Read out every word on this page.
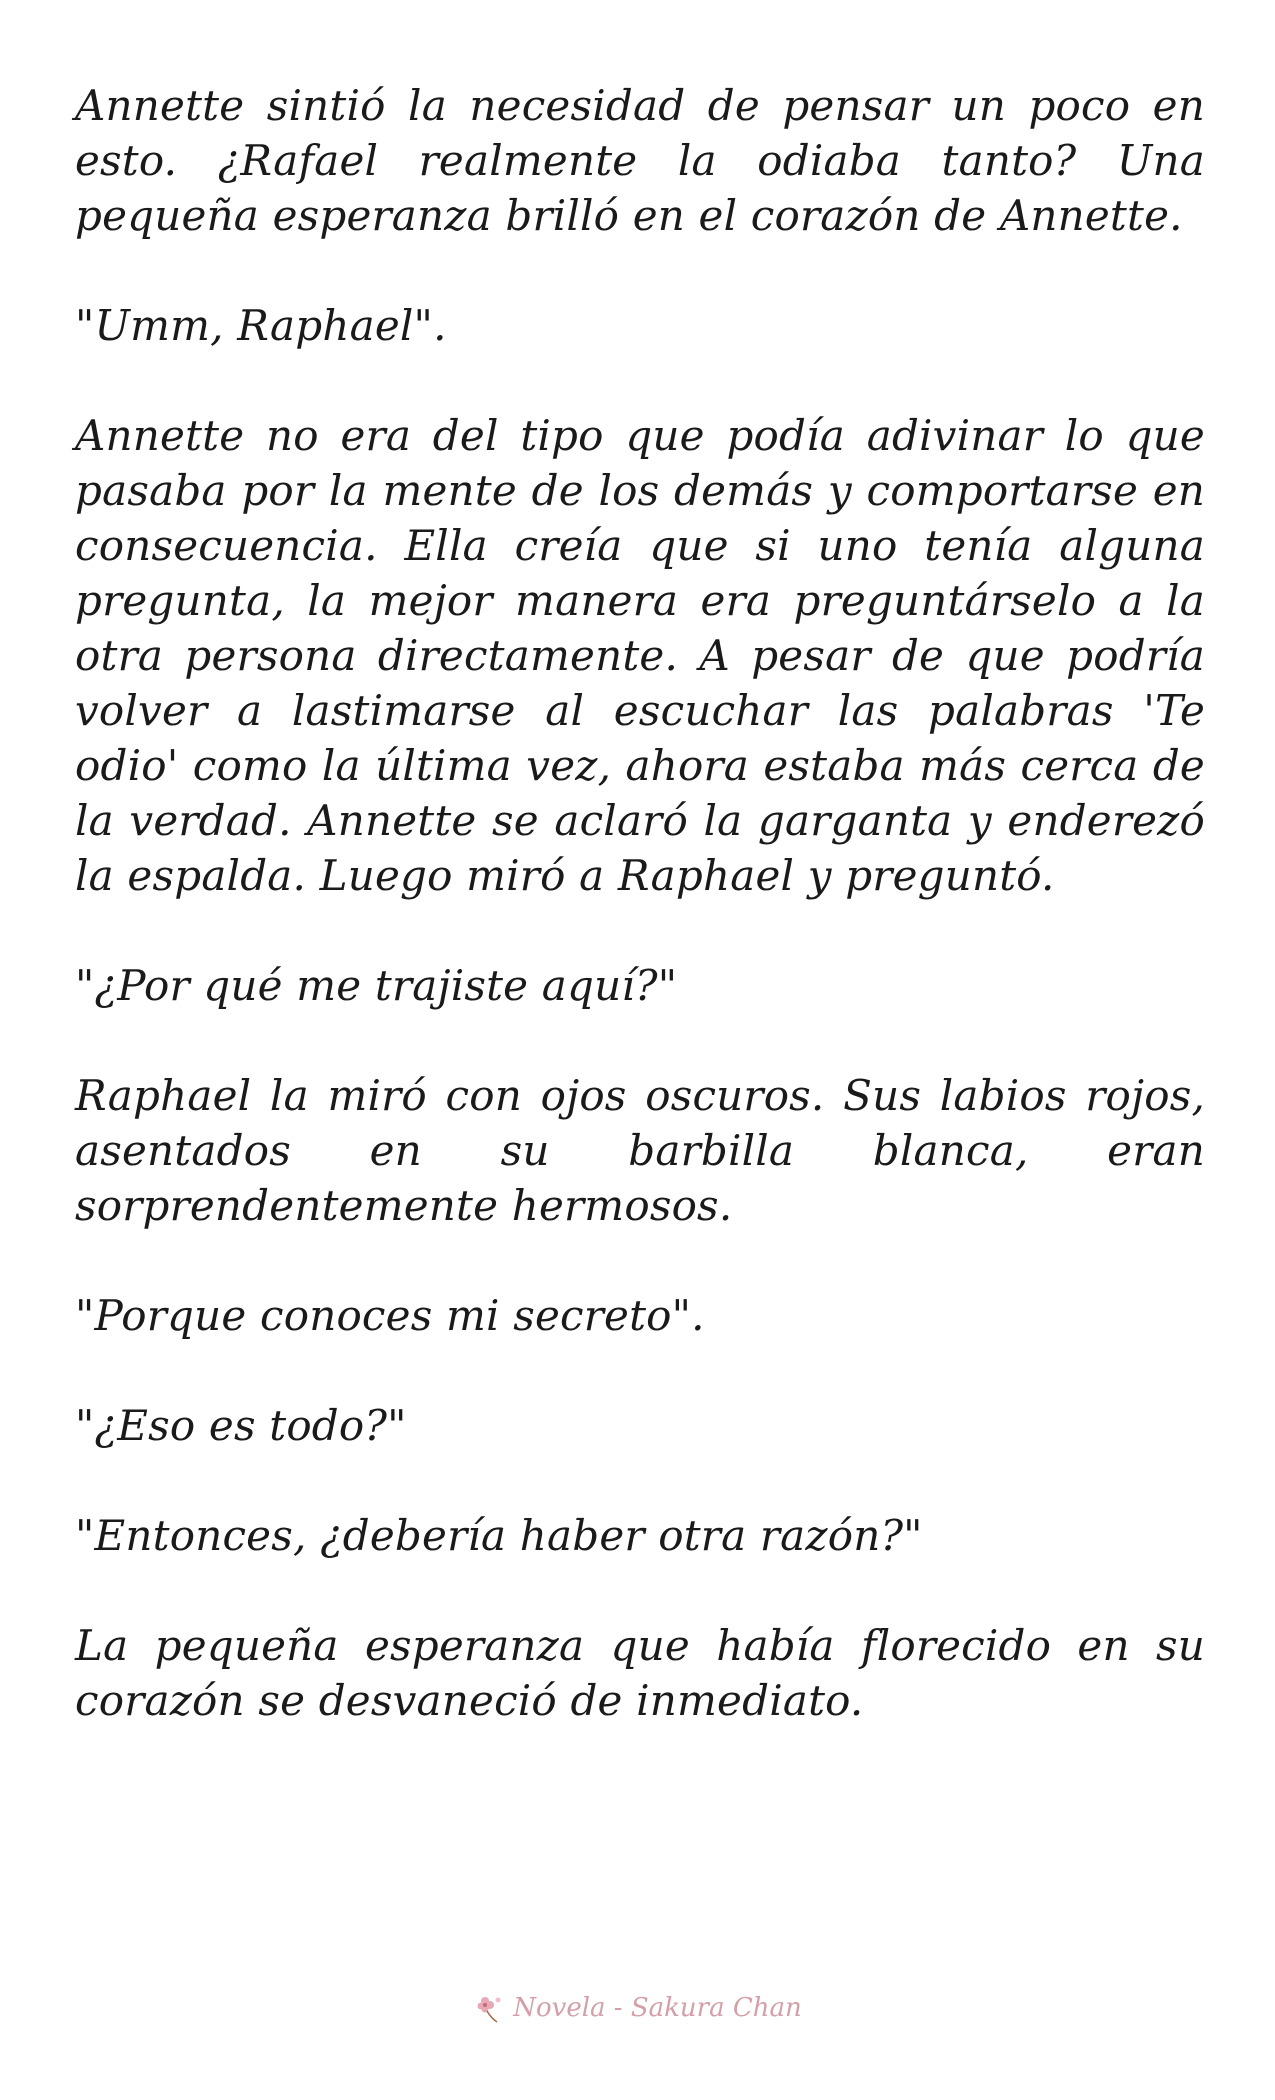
Annette sintió la necesidad de pensar un poco en esto. ¿Rafael realmente la odiaba tanto? Una pequeña esperanza brilló en el corazón de Annette.

"Umm, Raphael".

Annette no era del tipo que podía adivinar lo que pasaba por la mente de los demás y comportarse en consecuencia. Ella creía que si uno tenía alguna pregunta, la mejor manera era preguntárselo a la otra persona directamente. A pesar de que podría volver a lastimarse al escuchar las palabras 'Te odio' como la última vez, ahora estaba más cerca de la verdad. Annette se aclaró la garganta y enderezó la espalda. Luego miró a Raphael y preguntó.

"¿Por qué me trajiste aquí?"

Raphael la miró con ojos oscuros. Sus labios rojos, asentados en su barbilla blanca, eran sorprendentemente hermosos.

"Porque conoces mi secreto".

"¿Eso es todo?"

"Entonces, ¿debería haber otra razón?"

La pequeña esperanza que había florecido en su corazón se desvaneció de inmediato.

Novela - Sakura Chan
